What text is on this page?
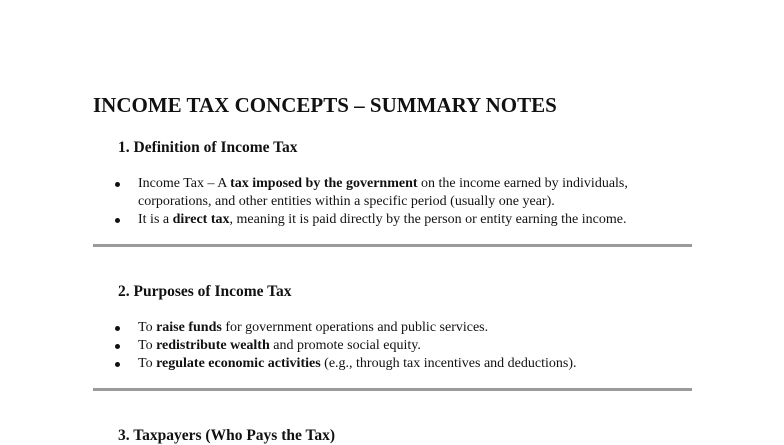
INCOME TAX CONCEPTS – SUMMARY NOTES
1. Definition of Income Tax
Income Tax – A tax imposed by the government on the income earned by individuals, corporations, and other entities within a specific period (usually one year).
It is a direct tax, meaning it is paid directly by the person or entity earning the income.
2. Purposes of Income Tax
To raise funds for government operations and public services.
To redistribute wealth and promote social equity.
To regulate economic activities (e.g., through tax incentives and deductions).
3. Taxpayers (Who Pays the Tax)
